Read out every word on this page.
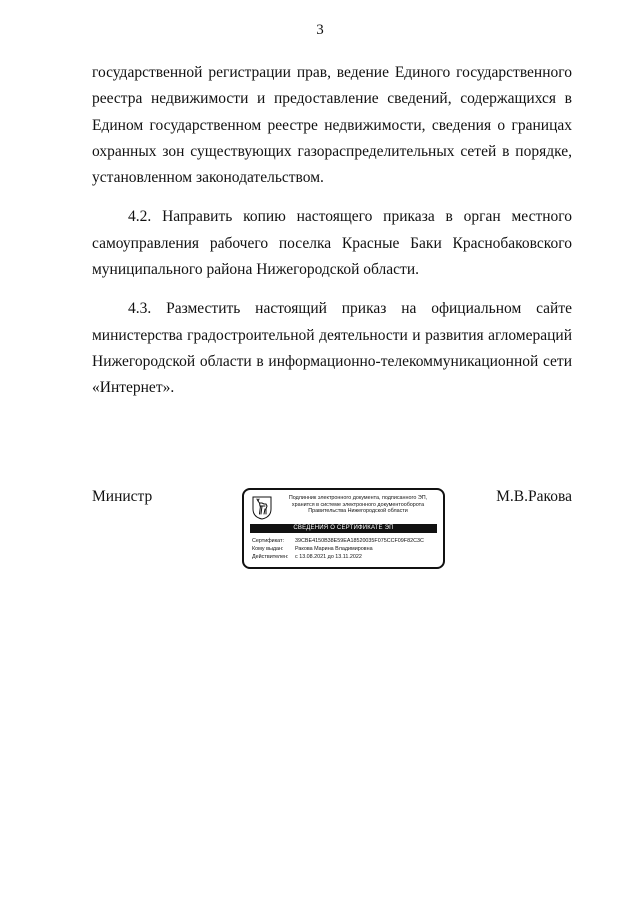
3

государственной регистрации прав, ведение Единого государственного реестра недвижимости и предоставление сведений, содержащихся в Едином государственном реестре недвижимости, сведения о границах охранных зон существующих газораспределительных сетей в порядке, установленном законодательством.

4.2. Направить копию настоящего приказа в орган местного самоуправления рабочего поселка Красные Баки Краснобаковского муниципального района Нижегородской области.

4.3. Разместить настоящий приказ на официальном сайте министерства градостроительной деятельности и развития агломераций Нижегородской области в информационно-телекоммуникационной сети «Интернет».

Министр	Подлинник электронного документа, подписанного ЭП,
хранится в системе электронного документооборота
Правительства Нижегородской области
СВЕДЕНИЯ О СЕРТИФИКАТЕ ЭП
Сертификат: 39CBE4150B38E59EA18520035F075CCF09F82C3C
Кому выдан: Ракова Марина Владимировна
Действителен: с 13.08.2021 до 13.11.2022
М.В.Ракова
